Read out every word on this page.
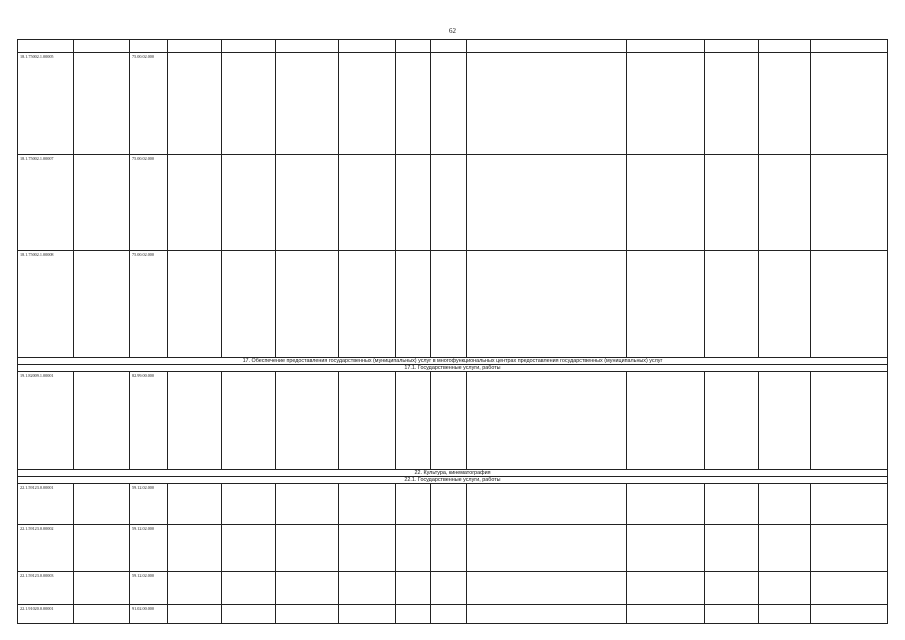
62

18.1.75002.1.00005		75.00.02.000											
18.1.75002.1.00007		75.00.02.000											
18.1.75002.1.00008		75.00.02.000											
17. Обеспечение предоставления государственных (муниципальных) услуг в многофункциональных центрах предоставления государственных (муниципальных) услуг													
17.1. Государственные услуги, работы													
19.1.82009.1.00001		82.99.00.000											
22. Культура, кинематография													
22.1. Государственные услуги, работы													
22.1.59123.0.00001		59.12.02.000											
22.1.59123.0.00002		59.12.02.000											
22.1.59123.0.00003		59.12.02.000											
22.1.91020.0.00001		91.02.00.000											
